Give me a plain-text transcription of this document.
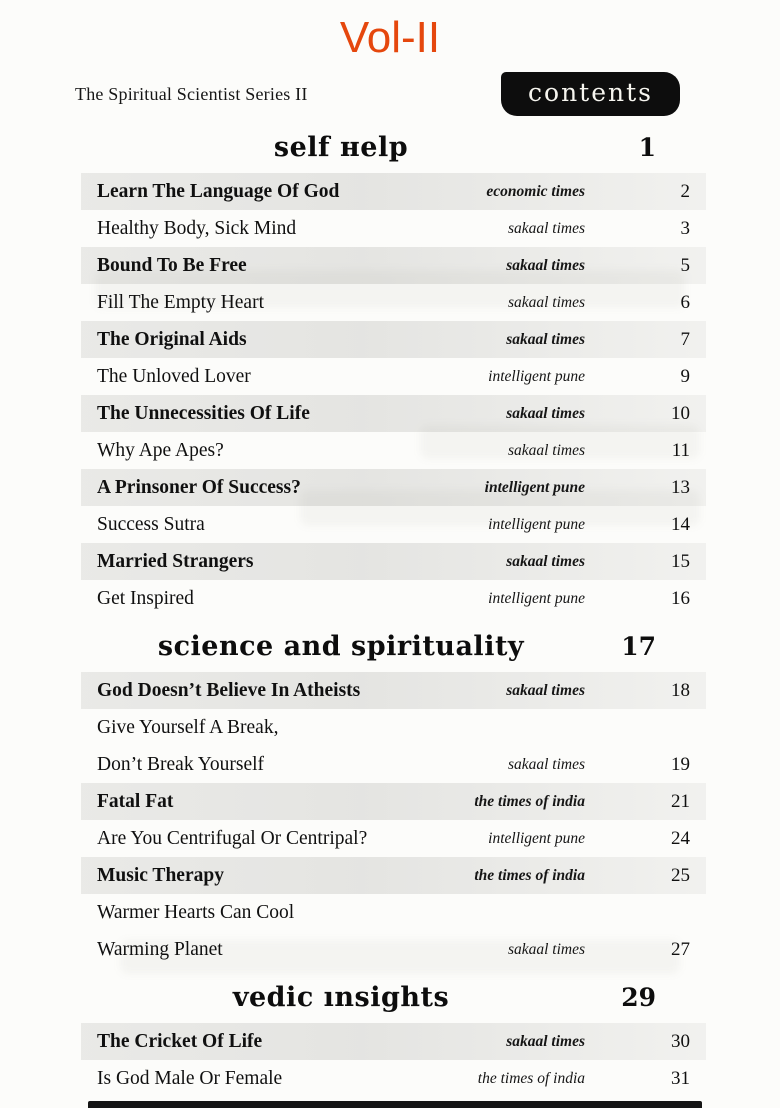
Vol-II
The Spiritual Scientist Series II	contents
self нelp	1
Learn The Language Of God	economic times	2
Healthy Body, Sick Mind	sakaal times	3
Bound To Be Free	sakaal times	5
Fill The Empty Heart	sakaal times	6
The Original Aids	sakaal times	7
The Unloved Lover	intelligent pune	9
The Unnecessities Of Life	sakaal times	10
Why Ape Apes?	sakaal times	11
A Prinsoner Of Success?	intelligent pune	13
Success Sutra	intelligent pune	14
Married Strangers	sakaal times	15
Get Inspired	intelligent pune	16
science and spirituality	17
God Doesn’t Believe In Atheists	sakaal times	18
Give Yourself A Break,
Don’t Break Yourself	sakaal times	19
Fatal Fat	the times of india	21
Are You Centrifugal Or Centripal?	intelligent pune	24
Music Therapy	the times of india	25
Warmer Hearts Can Cool
Warming Planet	sakaal times	27
vedic ınsights	29
The Cricket Of Life	sakaal times	30
Is God Male Or Female	the times of india	31
